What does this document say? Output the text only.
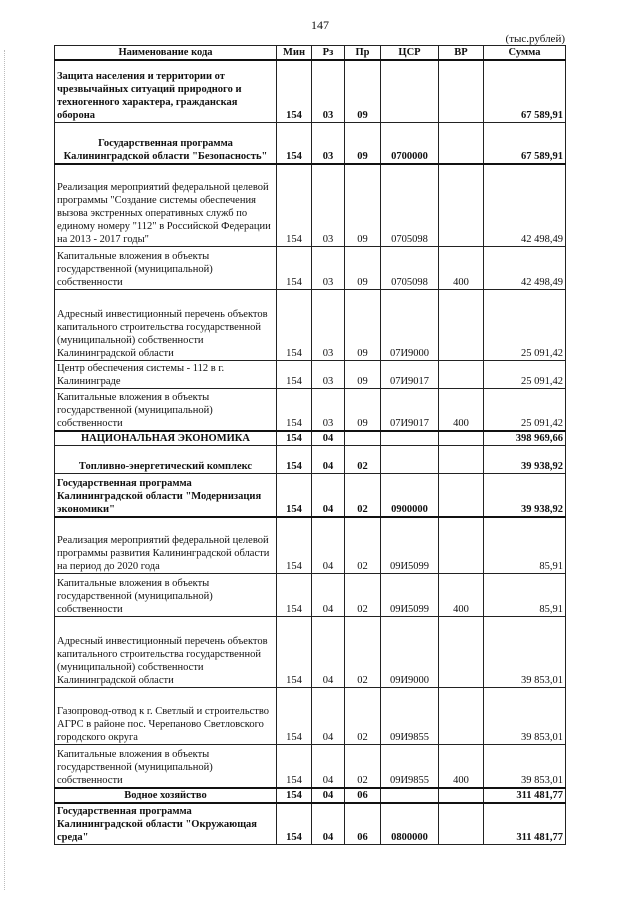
147
(тыс.рублей)
Наименование кода	Мин	Рз	Пр	ЦСР	ВР	Сумма
Защита населения и территории от чрезвычайных ситуаций природного и техногенного характера, гражданская оборона	154	03	09			67 589,91
Государственная программа Калининградской области "Безопасность"	154	03	09	0700000		67 589,91
Реализация мероприятий федеральной целевой программы "Создание системы обеспечения вызова экстренных оперативных служб по единому номеру "112" в Российской Федерации на 2013 - 2017 годы"	154	03	09	0705098		42 498,49
Капитальные вложения в объекты государственной (муниципальной) собственности	154	03	09	0705098	400	42 498,49
Адресный инвестиционный перечень объектов капитального строительства государственной (муниципальной) собственности Калининградской области	154	03	09	07И9000		25 091,42
Центр обеспечения системы - 112 в г. Калининграде	154	03	09	07И9017		25 091,42
Капитальные вложения в объекты государственной (муниципальной) собственности	154	03	09	07И9017	400	25 091,42
НАЦИОНАЛЬНАЯ ЭКОНОМИКА	154	04				398 969,66
Топливно-энергетический комплекс	154	04	02			39 938,92
Государственная программа Калининградской области "Модернизация экономики"	154	04	02	0900000		39 938,92
Реализация мероприятий федеральной целевой программы развития Калининградской области на период до 2020 года	154	04	02	09И5099		85,91
Капитальные вложения в объекты государственной (муниципальной) собственности	154	04	02	09И5099	400	85,91
Адресный инвестиционный перечень объектов капитального строительства государственной (муниципальной) собственности Калининградской области	154	04	02	09И9000		39 853,01
Газопровод-отвод к г. Светлый и строительство АГРС в районе пос. Черепаново Светловского городского округа	154	04	02	09И9855		39 853,01
Капитальные вложения в объекты государственной (муниципальной) собственности	154	04	02	09И9855	400	39 853,01
Водное хозяйство	154	04	06			311 481,77
Государственная программа Калининградской области "Окружающая среда"	154	04	06	0800000		311 481,77
